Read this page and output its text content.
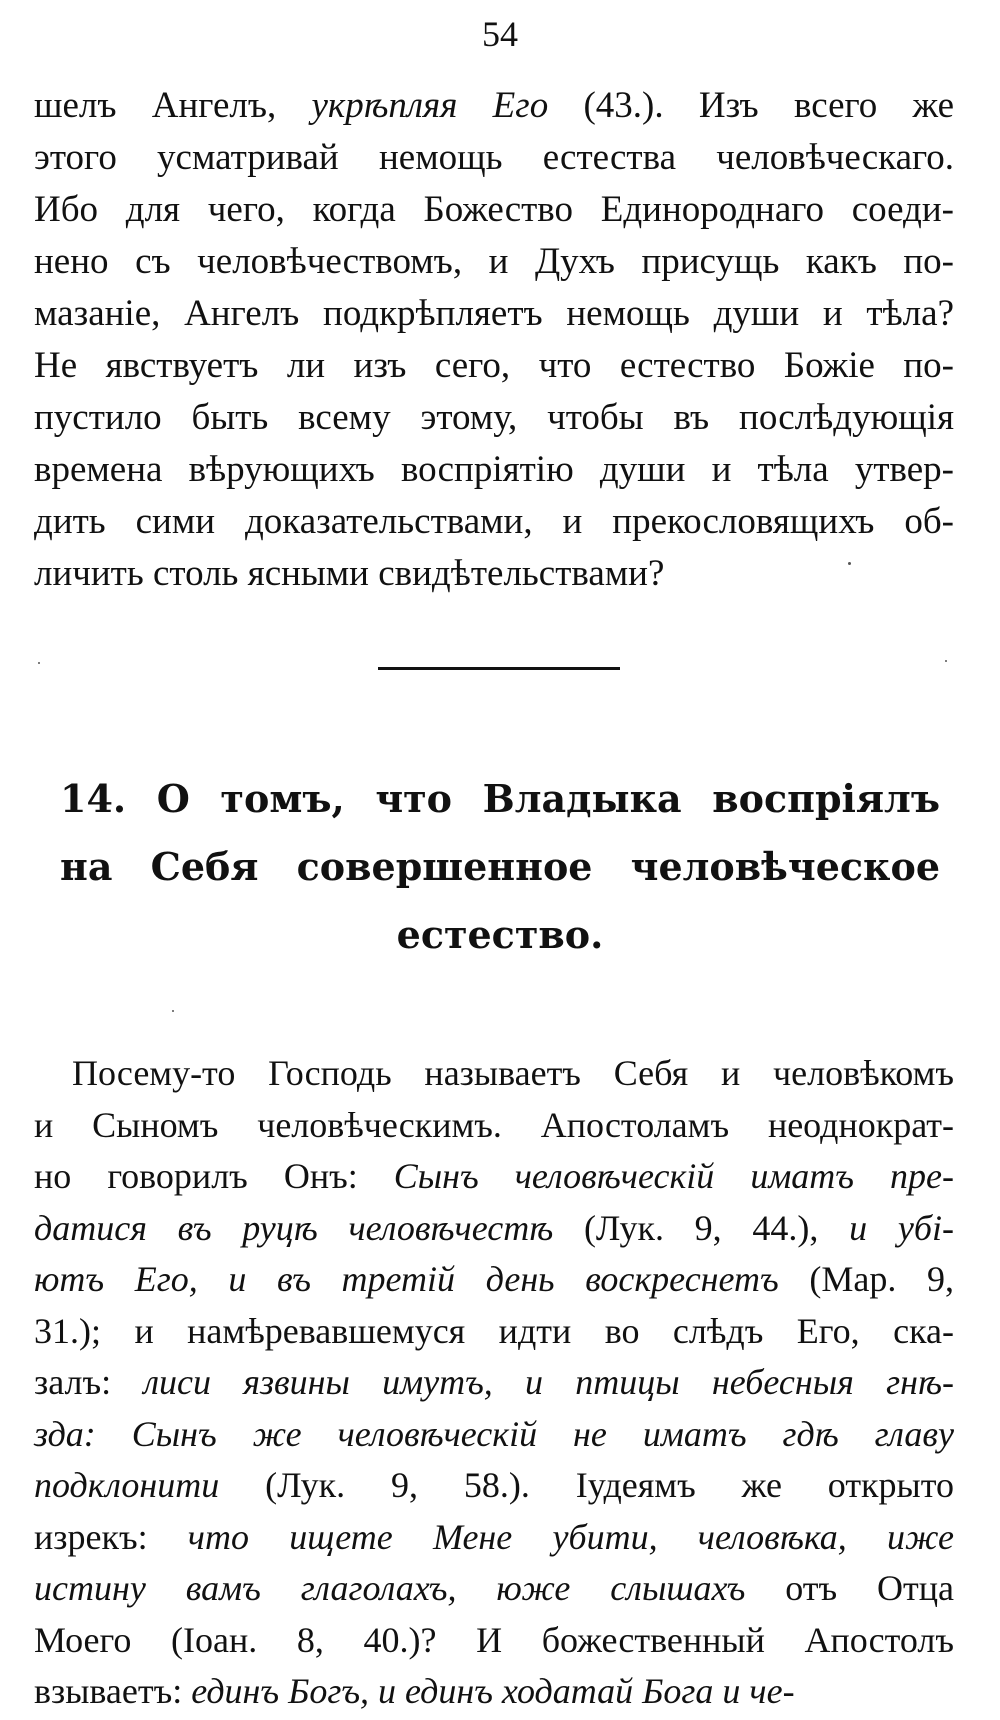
54

шелъ Ангелъ, укрѣпляя Его (43.). Изъ всего же
этого усматривай немощь естества человѣческаго.
Ибо для чего, когда Божество Единороднаго соеди-
нено съ человѣчествомъ, и Духъ присущь какъ по-
мазаніе, Ангелъ подкрѣпляетъ немощь души и тѣла?
Не явствуетъ ли изъ сего, что естество Божіе по-
пустило быть всему этому, чтобы въ послѣдующія
времена вѣрующихъ воспріятію души и тѣла утвер-
дить сими доказательствами, и прекословящихъ об-
личить столь ясными свидѣтельствами?

14. О томъ, что Владыка воспріялъ
на Себя совершенное человѣческое
естество.

Посему-то Господь называетъ Себя и человѣкомъ
и Сыномъ человѣческимъ. Апостоламъ неоднократ-
но говорилъ Онъ: Сынъ человѣческій иматъ пре-
датися въ руцѣ человѣчестѣ (Лук. 9, 44.), и убі-
ютъ Его, и въ третій день воскреснетъ (Мар. 9,
31.); и намѣревавшемуся идти во слѣдъ Его, ска-
залъ: лиси язвины имутъ, и птицы небесныя гнѣ-
зда: Сынъ же человѣческій не иматъ гдѣ главу
подклонити (Лук. 9, 58.). Іудеямъ же открыто
изрекъ: что ищете Мене убити, человѣка, иже
истину вамъ глаголахъ, юже слышахъ отъ Отца
Моего (Іоан. 8, 40.)? И божественный Апостолъ
взываетъ: единъ Богъ, и единъ ходатай Бога и че-
